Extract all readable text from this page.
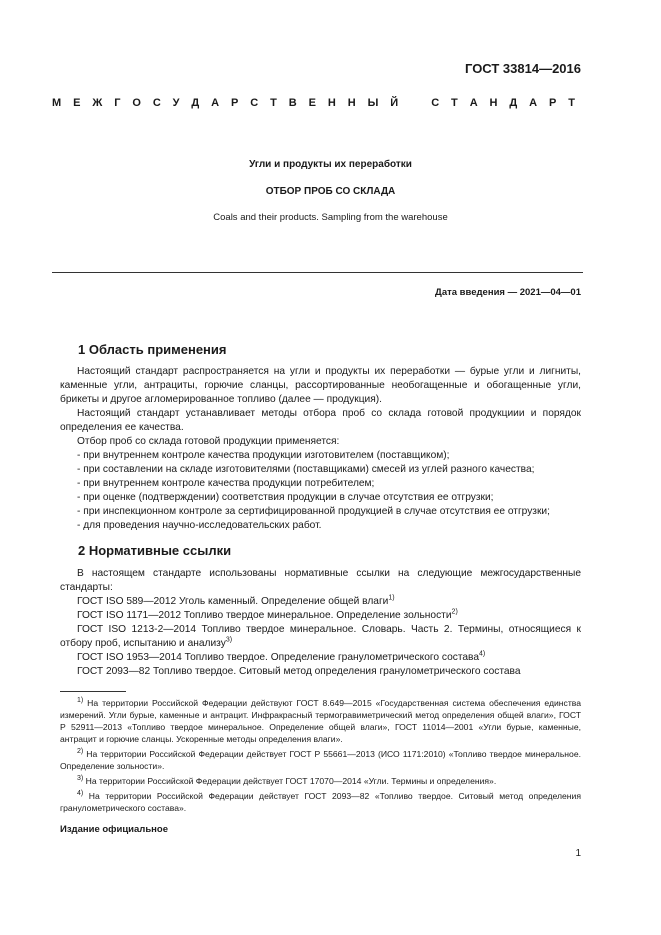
ГОСТ 33814—2016
М Е Ж Г О С У Д А Р С Т В Е Н Н Ы Й
	С Т А Н Д А Р Т
Угли и продукты их переработки
ОТБОР ПРОБ СО СКЛАДА
Coals and their products. Sampling from the warehouse
Дата введения — 2021—04—01
1 Область применения

Настоящий стандарт распространяется на угли и продукты их переработки — бурые угли и лигниты, каменные угли, антрациты, горючие сланцы, рассортированные необогащенные и обогащенные угли, брикеты и другое агломерированное топливо (далее — продукция).

Настоящий стандарт устанавливает методы отбора проб со склада готовой продукциии и порядок определения ее качества.

Отбор проб со склада готовой продукции применяется:

- при внутреннем контроле качества продукции изготовителем (поставщиком);

- при составлении на складе изготовителями (поставщиками) смесей из углей разного качества;

- при внутреннем контроле качества продукции потребителем;

- при оценке (подтверждении) соответствия продукции в случае отсутствия ее отгрузки;

- при инспекционном контроле за сертифицированной продукцией в случае отсутствия ее отгрузки;

- для проведения научно-исследовательских работ.

2 Нормативные ссылки

В настоящем стандарте использованы нормативные ссылки на следующие межгосударственные стандарты:

ГОСТ ISO 589—2012 Уголь каменный. Определение общей влаги$^{1)}$

ГОСТ ISO 1171—2012 Топливо твердое минеральное. Определение зольности$^{2)}$

ГОСТ ISO 1213-2—2014 Топливо твердое минеральное. Словарь. Часть 2. Термины, относящиеся к отбору проб, испытанию и анализу$^{3)}$

ГОСТ ISO 1953—2014 Топливо твердое. Определение гранулометрического состава$^{4)}$

ГОСТ 2093—82 Топливо твердое. Ситовый метод определения гранулометрического состава

$^{1)}$ На территории Российской Федерации действуют ГОСТ 8.649—2015 «Государственная система обеспечения единства измерений. Угли бурые, каменные и антрацит. Инфракрасный термогравиметрический метод определения общей влаги», ГОСТ Р 52911—2013 «Топливо твердое минеральное. Определение общей влаги», ГОСТ 11014—2001 «Угли бурые, каменные, антрацит и горючие сланцы. Ускоренные методы определения влаги».

$^{2)}$ На территории Российской Федерации действует ГОСТ Р 55661—2013 (ИСО 1171:2010) «Топливо твердое минеральное. Определение зольности».

$^{3)}$ На территории Российской Федерации действует ГОСТ 17070—2014 «Угли. Термины и определения».

$^{4)}$ На территории Российской Федерации действует ГОСТ 2093—82 «Топливо твердое. Ситовый метод определения гранулометрического состава».

Издание официальное
1
